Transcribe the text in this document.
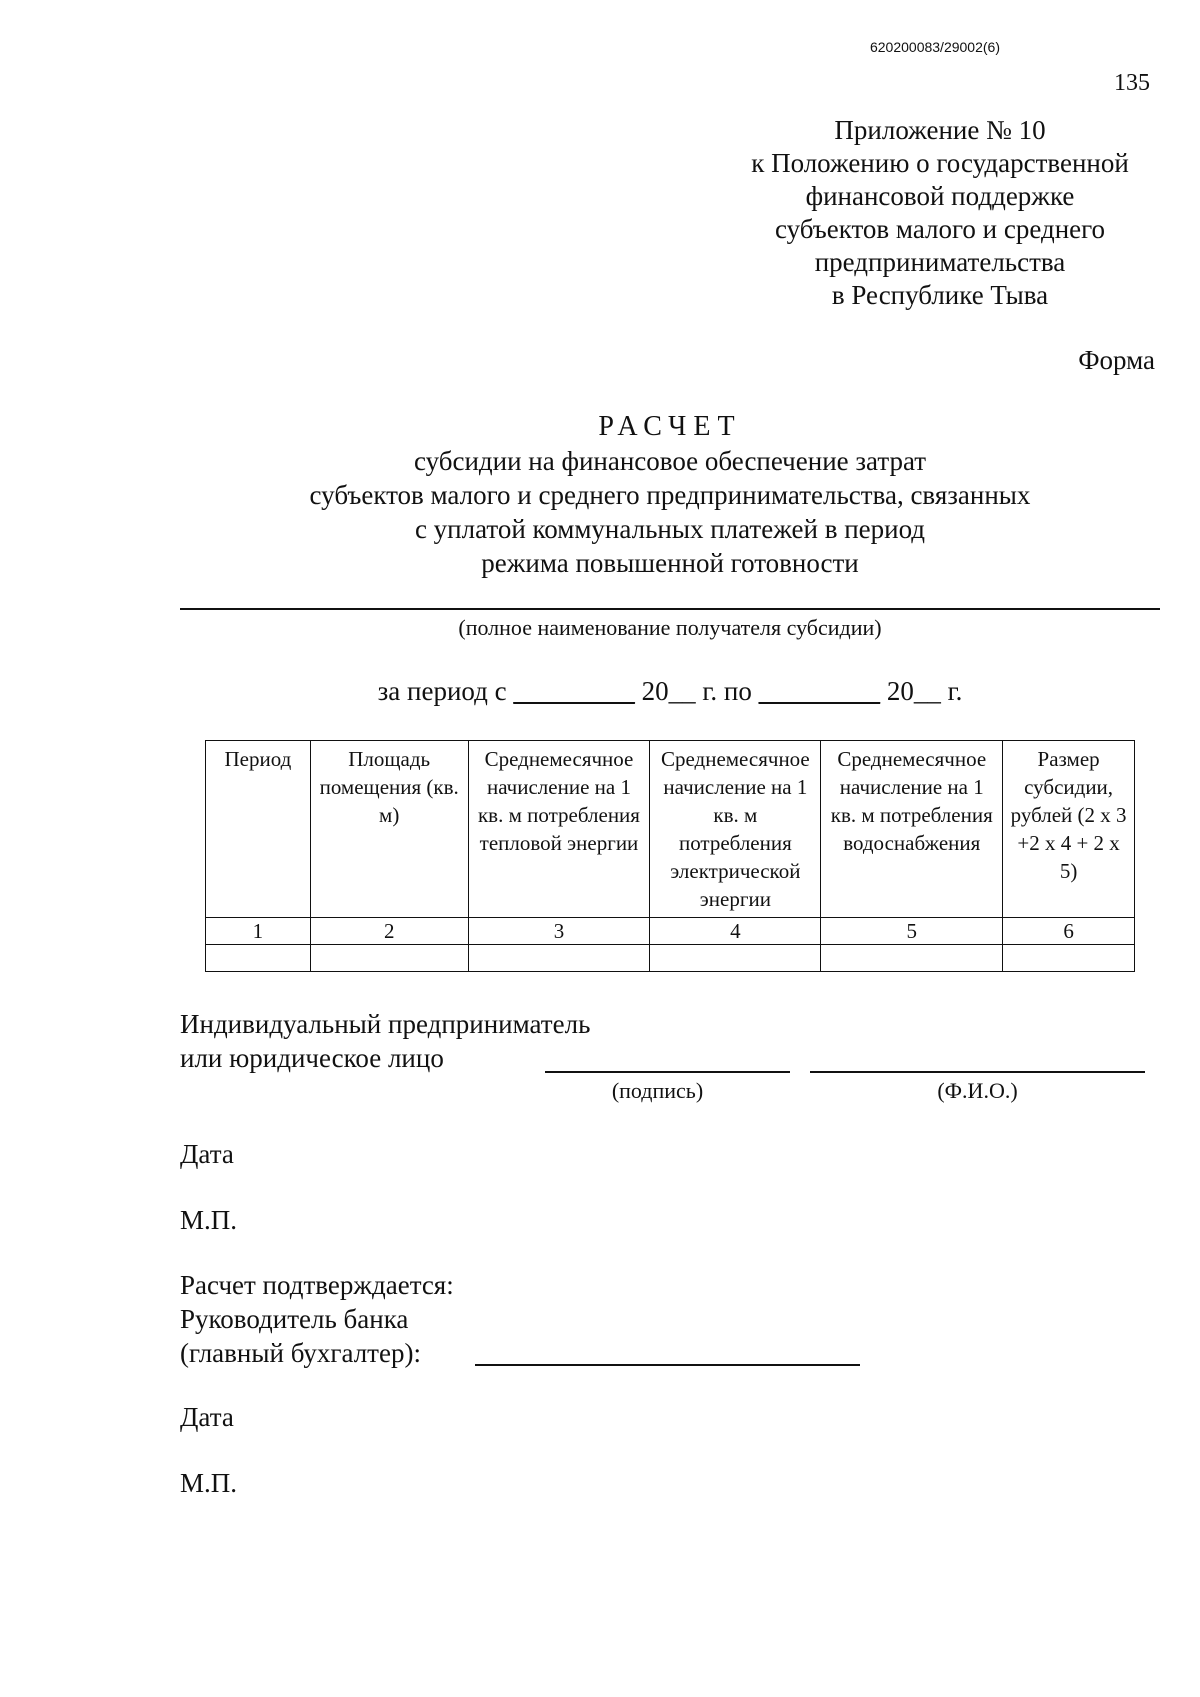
620200083/29002(6)
135
Приложение № 10
к Положению о государственной
финансовой поддержке
субъектов малого и среднего
предпринимательства
в Республике Тыва
Форма
РАСЧЕТ
субсидии на финансовое обеспечение затрат
субъектов малого и среднего предпринимательства, связанных
с уплатой коммунальных платежей в период
режима повышенной готовности
(полное наименование получателя субсидии)
за период с _________ 20__ г. по _________ 20__ г.
Период	Площадь помещения (кв. м)	Среднемесячное начисление на 1 кв. м потребления тепловой энергии	Среднемесячное начисление на 1 кв. м потребления электрической энергии	Среднемесячное начисление на 1 кв. м потребления водоснабжения	Размер субсидии, рублей (2 x 3 +2 x 4 + 2 x 5)
1	2	3	4	5	6

Индивидуальный предприниматель
или юридическое лицо
(подпись)	(Ф.И.О.)
Дата
М.П.
Расчет подтверждается:
Руководитель банка
(главный бухгалтер):
Дата
М.П.
